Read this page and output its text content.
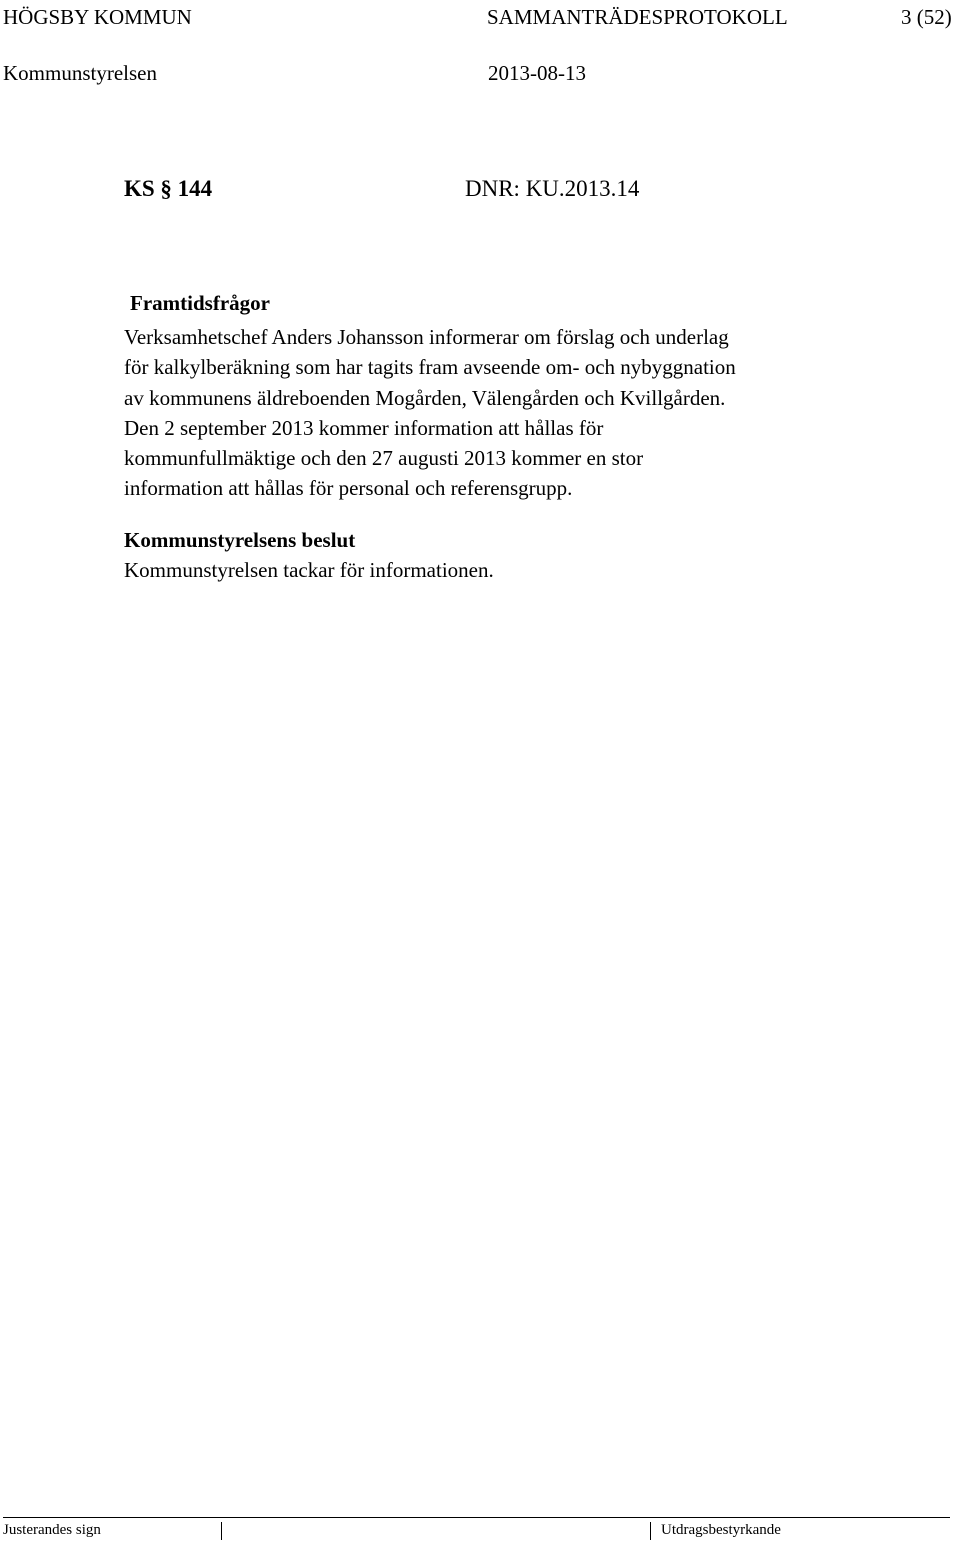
HÖGSBY KOMMUN	SAMMANTRÄDESPROTOKOLL	3 (52)
Kommunstyrelsen	2013-08-13
KS § 144	DNR: KU.2013.14
Framtidsfrågor
Verksamhetschef Anders Johansson informerar om förslag och underlag
för kalkylberäkning som har tagits fram avseende om- och nybyggnation
av kommunens äldreboenden Mogården, Välengården och Kvillgården.
Den 2 september 2013 kommer information att hållas för
kommunfullmäktige och den 27 augusti 2013 kommer en stor
information att hållas för personal och referensgrupp.
Kommunstyrelsens beslut
Kommunstyrelsen tackar för informationen.
Justerandes sign	Utdragsbestyrkande
